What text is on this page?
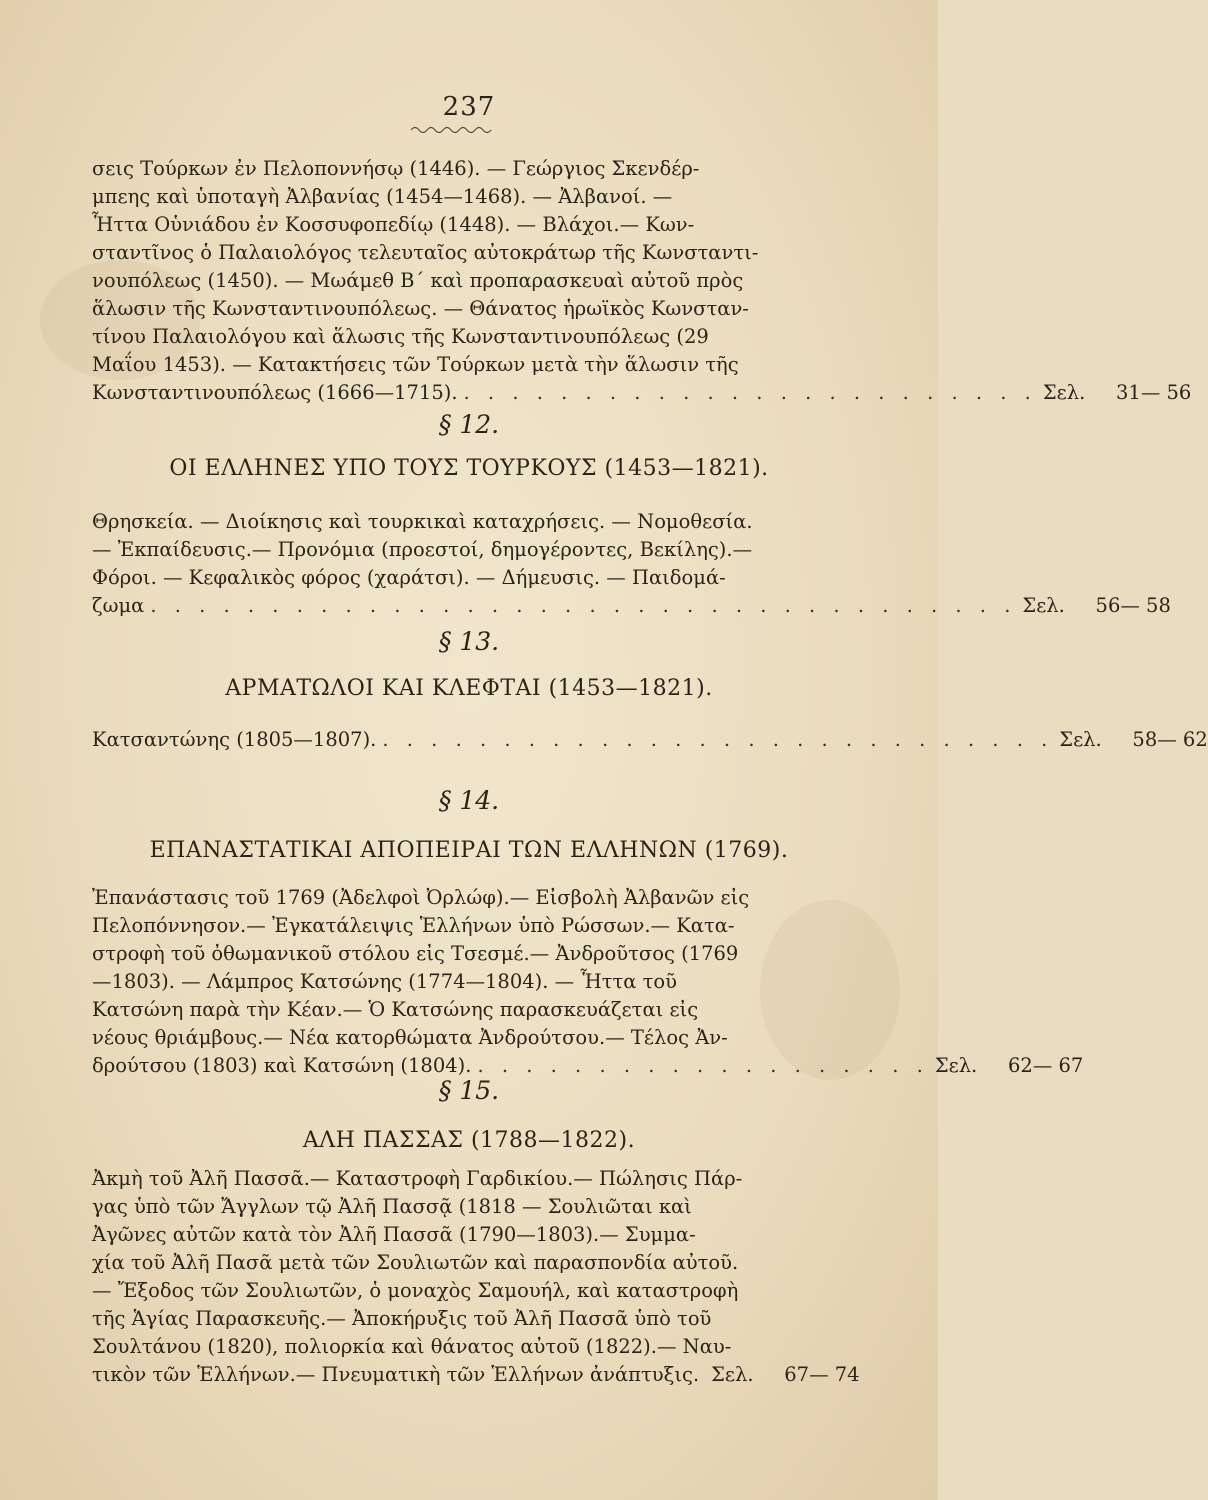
237
σεις Τούρκων ἐν Πελοποννήσῳ (1446). — Γεώργιος Σκενδέρ-
μπεης καὶ ὑποταγὴ Ἀλβανίας (1454—1468). — Ἀλβανοί. —
Ἧττα Οὑνιάδου ἐν Κοσσυφοπεδίῳ (1448). — Βλάχοι.— Κων-
σταντῖνος ὁ Παλαιολόγος τελευταῖος αὐτοκράτωρ τῆς Κωνσταντι-
νουπόλεως (1450). — Μωάμεθ Β΄ καὶ προπαρασκευαὶ αὐτοῦ πρὸς
ἅλωσιν τῆς Κωνσταντινουπόλεως. — Θάνατος ἡρωϊκὸς Κωνσταν-
τίνου Παλαιολόγου καὶ ἅλωσις τῆς Κωνσταντινουπόλεως (29
Μαΐου 1453). — Κατακτήσεις τῶν Τούρκων μετὰ τὴν ἅλωσιν τῆς
Κωνσταντινουπόλεως (1666—1715). . . . . . . . . . . . . . . . . . . . . . . . . Σελ. 31— 56
§ 12.
ΟΙ ΕΛΛΗΝΕΣ ΥΠΟ ΤΟΥΣ ΤΟΥΡΚΟΥΣ (1453—1821).
Θρησκεία. — Διοίκησις καὶ τουρκικαὶ καταχρήσεις. — Νομοθεσία.
— Ἐκπαίδευσις.— Προνόμια (προεστοί, δημογέροντες, Βεκίλης).—
Φόροι. — Κεφαλικὸς φόρος (χαράτσι). — Δήμευσις. — Παιδομά-
ζωμα . . . . . . . . . . . . . . . . . . . . . . . . . . . . . . . . . . . . Σελ. 56— 58
§ 13.
ΑΡΜΑΤΩΛΟΙ ΚΑΙ ΚΛΕΦΤΑΙ (1453—1821).
Κατσαντώνης (1805—1807). . . . . . . . . . . . . . . . . . . . . . . . . . . . . Σελ. 58— 62
§ 14.
ΕΠΑΝΑΣΤΑΤΙΚΑΙ ΑΠΟΠΕΙΡΑΙ ΤΩΝ ΕΛΛΗΝΩΝ (1769).
Ἐπανάστασις τοῦ 1769 (Ἀδελφοὶ Ὀρλώφ).— Εἰσβολὴ Ἀλβανῶν εἰς
Πελοπόννησον.— Ἐγκατάλειψις Ἑλλήνων ὑπὸ Ρώσσων.— Κατα-
στροφὴ τοῦ ὀθωμανικοῦ στόλου εἰς Τσεσμέ.— Ἀνδροῦτσος (1769
—1803). — Λάμπρος Κατσώνης (1774—1804). — Ἧττα τοῦ
Κατσώνη παρὰ τὴν Κέαν.— Ὁ Κατσώνης παρασκευάζεται εἰς
νέους θριάμβους.— Νέα κατορθώματα Ἀνδρούτσου.— Τέλος Ἀν-
δρούτσου (1803) καὶ Κατσώνη (1804). . . . . . . . . . . . . . . . . . . . Σελ. 62— 67
§ 15.
ΑΛΗ ΠΑΣΣΑΣ (1788—1822).
Ἀκμὴ τοῦ Ἀλῆ Πασσᾶ.— Καταστροφὴ Γαρδικίου.— Πώλησις Πάρ-
γας ὑπὸ τῶν Ἄγγλων τῷ Ἀλῆ Πασσᾷ (1818 — Σουλιῶται καὶ
Ἀγῶνες αὐτῶν κατὰ τὸν Ἀλῆ Πασσᾶ (1790—1803).— Συμμα-
χία τοῦ Ἀλῆ Πασᾶ μετὰ τῶν Σουλιωτῶν καὶ παρασπονδία αὐτοῦ.
— Ἔξοδος τῶν Σουλιωτῶν, ὁ μοναχὸς Σαμουήλ, καὶ καταστροφὴ
τῆς Ἁγίας Παρασκευῆς.— Ἀποκήρυξις τοῦ Ἀλῆ Πασσᾶ ὑπὸ τοῦ
Σουλτάνου (1820), πολιορκία καὶ θάνατος αὐτοῦ (1822).— Ναυ-
τικὸν τῶν Ἑλλήνων.— Πνευματικὴ τῶν Ἑλλήνων ἀνάπτυξις. Σελ. 67— 74
